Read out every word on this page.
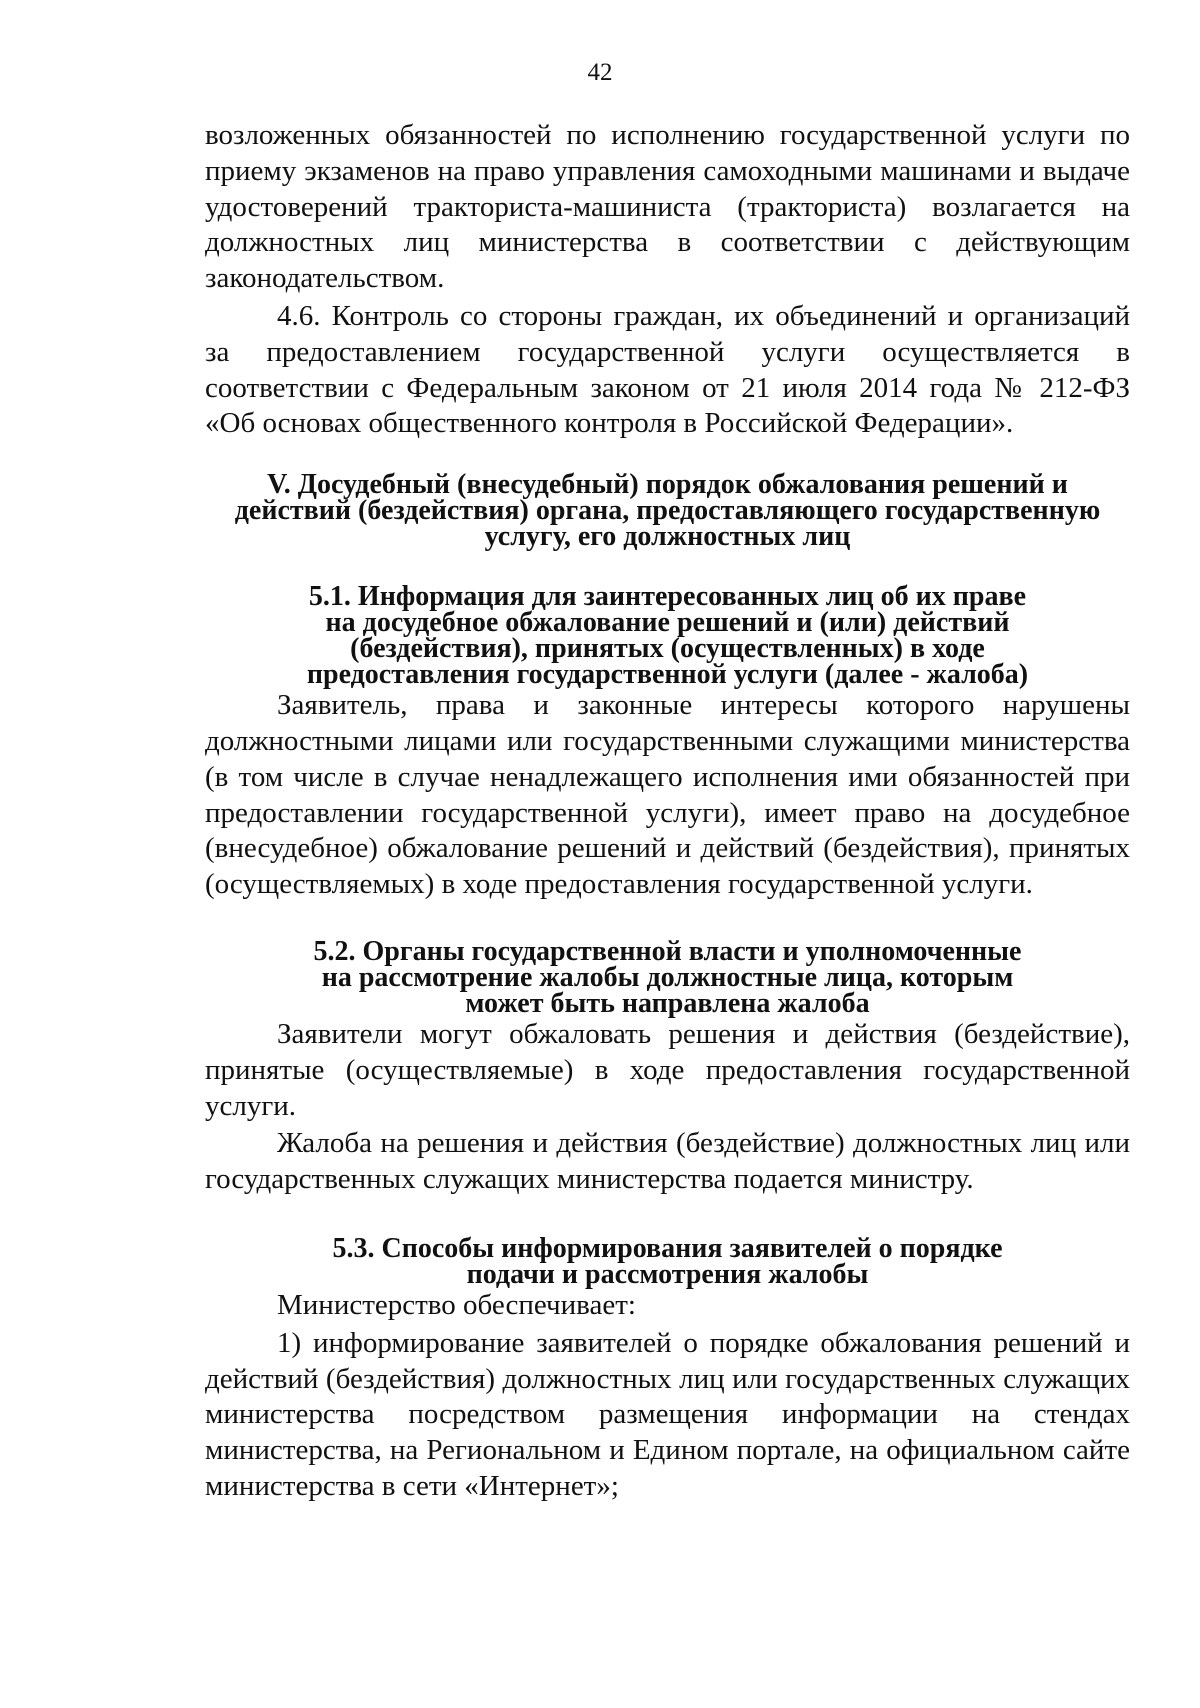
42

возложенных обязанностей по исполнению государственной услуги по приему экзаменов на право управления самоходными машинами и выдаче удостоверений тракториста-машиниста (тракториста) возлагается на должностных лиц министерства в соответствии с действующим законодательством.

4.6. Контроль со стороны граждан, их объединений и организаций за предоставлением государственной услуги осуществляется в соответствии с Федеральным законом от 21 июля 2014 года № 212-ФЗ «Об основах общественного контроля в Российской Федерации».

V. Досудебный (внесудебный) порядок обжалования решений и
действий (бездействия) органа, предоставляющего государственную
услугу, его должностных лиц
5.1. Информация для заинтересованных лиц об их праве
на досудебное обжалование решений и (или) действий
(бездействия), принятых (осуществленных) в ходе
предоставления государственной услуги (далее - жалоба)

Заявитель, права и законные интересы которого нарушены должностными лицами или государственными служащими министерства (в том числе в случае ненадлежащего исполнения ими обязанностей при предоставлении государственной услуги), имеет право на досудебное (внесудебное) обжалование решений и действий (бездействия), принятых (осуществляемых) в ходе предоставления государственной услуги.

5.2. Органы государственной власти и уполномоченные
на рассмотрение жалобы должностные лица, которым
может быть направлена жалоба

Заявители могут обжаловать решения и действия (бездействие), принятые (осуществляемые) в ходе предоставления государственной услуги.

Жалоба на решения и действия (бездействие) должностных лиц или государственных служащих министерства подается министру.

5.3. Способы информирования заявителей о порядке
подачи и рассмотрения жалобы

Министерство обеспечивает:

1) информирование заявителей о порядке обжалования решений и действий (бездействия) должностных лиц или государственных служащих министерства посредством размещения информации на стендах министерства, на Региональном и Едином портале, на официальном сайте министерства в сети «Интернет»;
